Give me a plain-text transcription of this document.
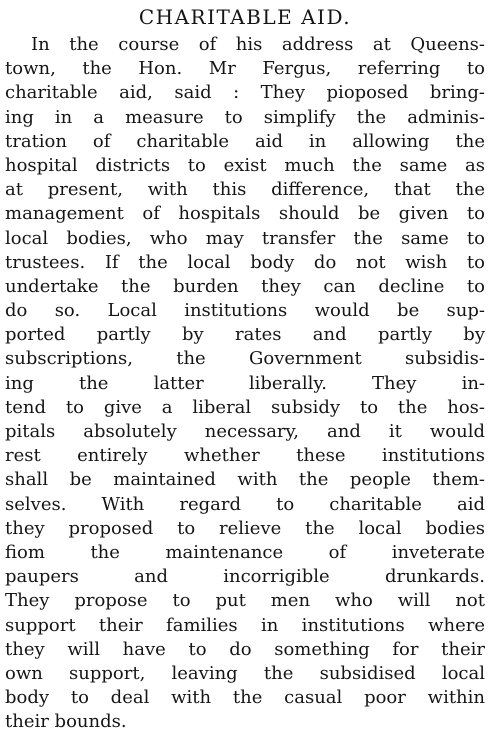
CHARITABLE AID.
In the course of his address at Queens-
town, the Hon. Mr Fergus, referring to
charitable aid, said : They pioposed bring-
ing in a measure to simplify the adminis-
tration of charitable aid in allowing the
hospital districts to exist much the same as
at present, with this difference, that the
management of hospitals should be given to
local bodies, who may transfer the same to
trustees. If the local body do not wish to
undertake the burden they can decline to
do so. Local institutions would be sup-
ported partly by rates and partly by
subscriptions, the Government subsidis-
ing the latter liberally. They in-
tend to give a liberal subsidy to the hos-
pitals absolutely necessary, and it would
rest entirely whether these institutions
shall be maintained with the people them-
selves. With regard to charitable aid
they proposed to relieve the local bodies
fiom the maintenance of inveterate
paupers and incorrigible drunkards.
They propose to put men who will not
support their families in institutions where
they will have to do something for their
own support, leaving the subsidised local
body to deal with the casual poor within
their bounds.
